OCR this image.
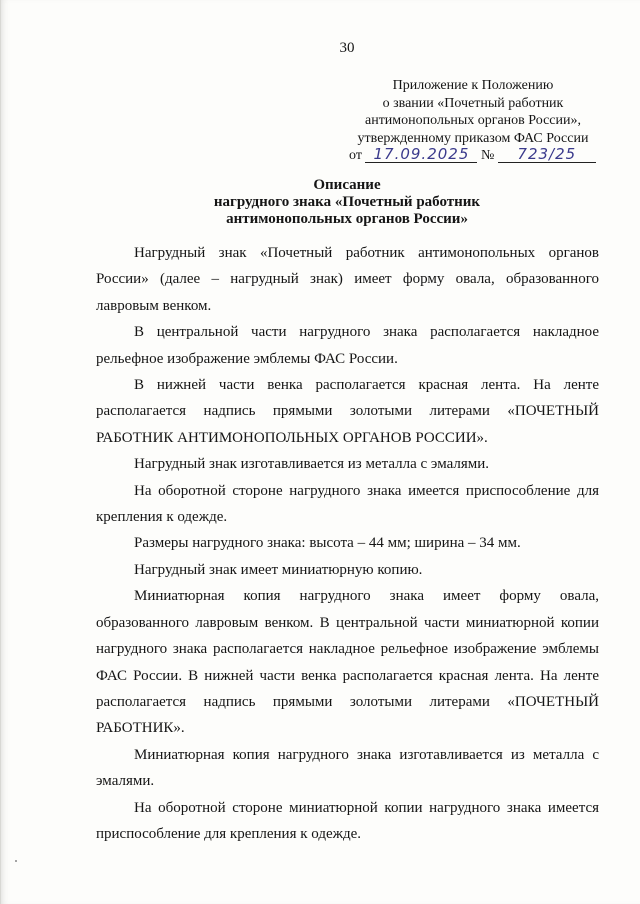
30
Приложение к Положению
о звании «Почетный работник
антимонопольных органов России»,
утвержденному приказом ФАС России
от 17.09.2025 № 723/25
Описание
нагрудного знака «Почетный работник
антимонопольных органов России»

Нагрудный знак «Почетный работник антимонопольных органов России» (далее – нагрудный знак) имеет форму овала, образованного лавровым венком.

В центральной части нагрудного знака располагается накладное рельефное изображение эмблемы ФАС России.

В нижней части венка располагается красная лента. На ленте располагается надпись прямыми золотыми литерами «ПОЧЕТНЫЙ РАБОТНИК АНТИМОНОПОЛЬНЫХ ОРГАНОВ РОССИИ».

Нагрудный знак изготавливается из металла с эмалями.

На оборотной стороне нагрудного знака имеется приспособление для крепления к одежде.

Размеры нагрудного знака: высота – 44 мм; ширина – 34 мм.

Нагрудный знак имеет миниатюрную копию.

Миниатюрная копия нагрудного знака имеет форму овала, образованного лавровым венком. В центральной части миниатюрной копии нагрудного знака располагается накладное рельефное изображение эмблемы ФАС России. В нижней части венка располагается красная лента. На ленте располагается надпись прямыми золотыми литерами «ПОЧЕТНЫЙ РАБОТНИК».

Миниатюрная копия нагрудного знака изготавливается из металла с эмалями.

На оборотной стороне миниатюрной копии нагрудного знака имеется приспособление для крепления к одежде.
